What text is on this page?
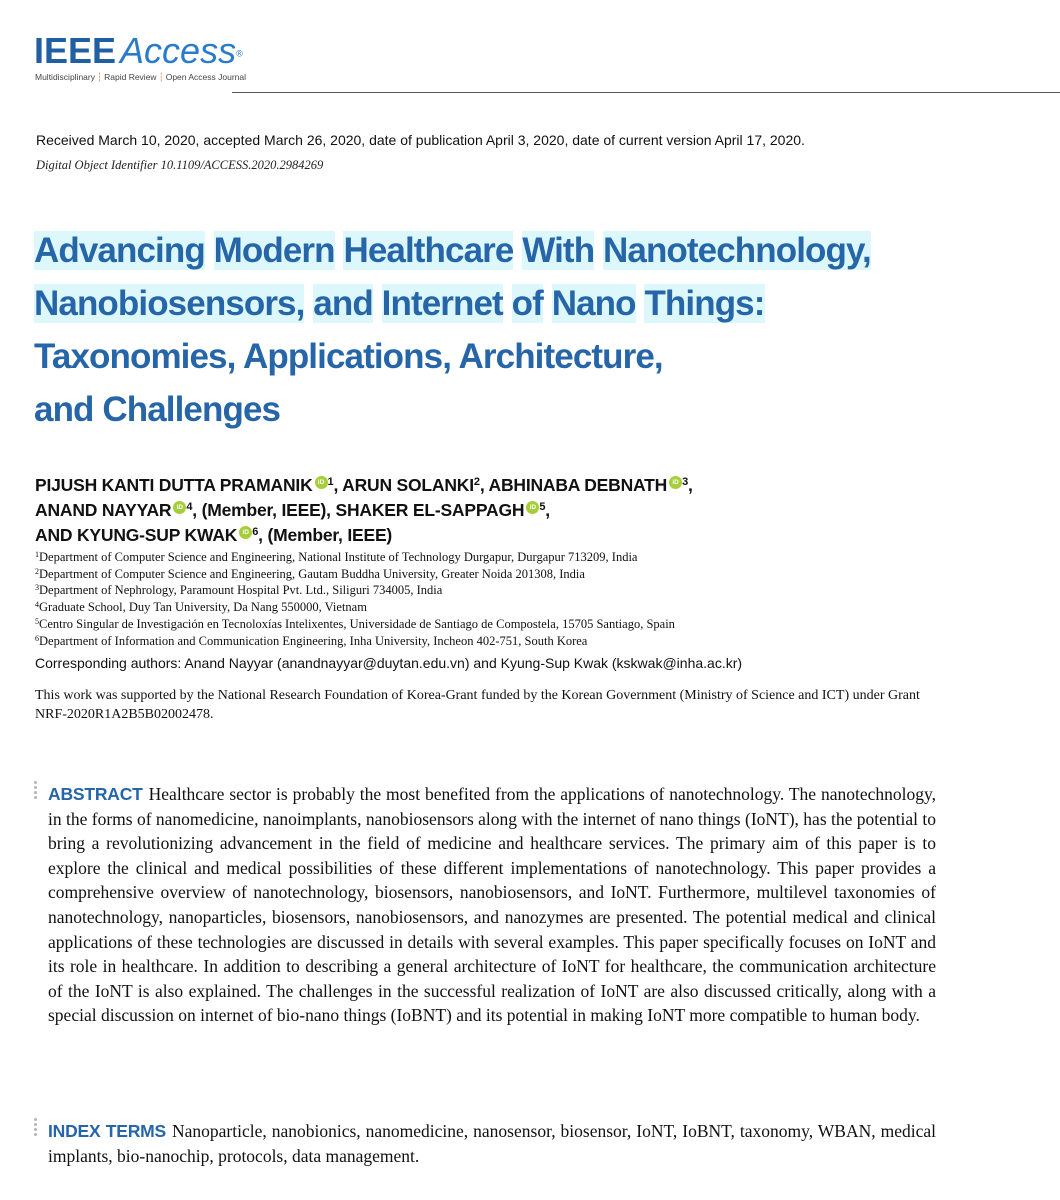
IEEE Access®
Multidisciplinary ┆ Rapid Review ┆ Open Access Journal
Received March 10, 2020, accepted March 26, 2020, date of publication April 3, 2020, date of current version April 17, 2020.
Digital Object Identifier 10.1109/ACCESS.2020.2984269
Advancing Modern Healthcare With Nanotechnology,
Nanobiosensors, and Internet of Nano Things:
Taxonomies, Applications, Architecture,
and Challenges
PIJUSH KANTI DUTTA PRAMANIK iD $^1$, ARUN SOLANKI$^2$, ABHINABA DEBNATH iD $^3$,
ANAND NAYYAR iD $^4$, (Member, IEEE), SHAKER EL-SAPPAGH iD $^5$,
AND KYUNG-SUP KWAK iD $^6$, (Member, IEEE)
$^1$Department of Computer Science and Engineering, National Institute of Technology Durgapur, Durgapur 713209, India
$^2$Department of Computer Science and Engineering, Gautam Buddha University, Greater Noida 201308, India
$^3$Department of Nephrology, Paramount Hospital Pvt. Ltd., Siliguri 734005, India
$^4$Graduate School, Duy Tan University, Da Nang 550000, Vietnam
$^5$Centro Singular de Investigación en Tecnoloxías Intelixentes, Universidade de Santiago de Compostela, 15705 Santiago, Spain
$^6$Department of Information and Communication Engineering, Inha University, Incheon 402-751, South Korea
Corresponding authors: Anand Nayyar (anandnayyar@duytan.edu.vn) and Kyung-Sup Kwak (kskwak@inha.ac.kr)
This work was supported by the National Research Foundation of Korea-Grant funded by the Korean Government (Ministry of Science and ICT) under Grant NRF-2020R1A2B5B02002478.
ABSTRACT Healthcare sector is probably the most benefited from the applications of nanotechnology. The nanotechnology, in the forms of nanomedicine, nanoimplants, nanobiosensors along with the internet of nano things (IoNT), has the potential to bring a revolutionizing advancement in the field of medicine and healthcare services. The primary aim of this paper is to explore the clinical and medical possibilities of these different implementations of nanotechnology. This paper provides a comprehensive overview of nanotechnology, biosensors, nanobiosensors, and IoNT. Furthermore, multilevel taxonomies of nanotechnology, nanoparticles, biosensors, nanobiosensors, and nanozymes are presented. The potential medical and clinical applications of these technologies are discussed in details with several examples. This paper specifically focuses on IoNT and its role in healthcare. In addition to describing a general architecture of IoNT for healthcare, the communication architecture of the IoNT is also explained. The challenges in the successful realization of IoNT are also discussed critically, along with a special discussion on internet of bio-nano things (IoBNT) and its potential in making IoNT more compatible to human body.
INDEX TERMS Nanoparticle, nanobionics, nanomedicine, nanosensor, biosensor, IoNT, IoBNT, taxonomy, WBAN, medical implants, bio-nanochip, protocols, data management.
